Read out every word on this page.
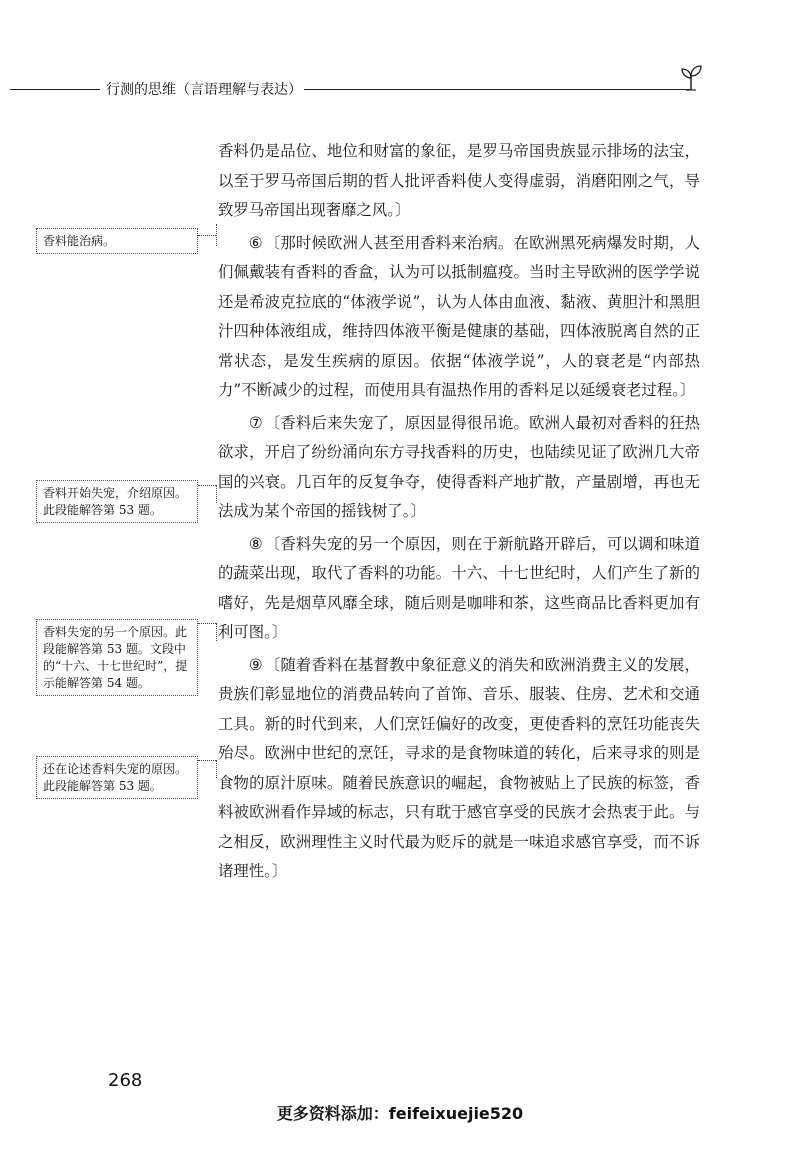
行测的思维（言语理解与表达）

香料仍是品位、地位和财富的象征，是罗马帝国贵族显示排场的法宝，以至于罗马帝国后期的哲人批评香料使人变得虚弱，消磨阳刚之气，导致罗马帝国出现奢靡之风。〕

⑥ 〔那时候欧洲人甚至用香料来治病。在欧洲黑死病爆发时期，人们佩戴装有香料的香盒，认为可以抵制瘟疫。当时主导欧洲的医学学说还是希波克拉底的“体液学说”，认为人体由血液、黏液、黄胆汁和黑胆汁四种体液组成，维持四体液平衡是健康的基础，四体液脱离自然的正常状态，是发生疾病的原因。依据“体液学说”，人的衰老是“内部热力”不断减少的过程，而使用具有温热作用的香料足以延缓衰老过程。〕

⑦ 〔香料后来失宠了，原因显得很吊诡。欧洲人最初对香料的狂热欲求，开启了纷纷涌向东方寻找香料的历史，也陆续见证了欧洲几大帝国的兴衰。几百年的反复争夺，使得香料产地扩散，产量剧增，再也无法成为某个帝国的摇钱树了。〕

⑧ 〔香料失宠的另一个原因，则在于新航路开辟后，可以调和味道的蔬菜出现，取代了香料的功能。十六、十七世纪时，人们产生了新的嗜好，先是烟草风靡全球，随后则是咖啡和茶，这些商品比香料更加有利可图。〕

⑨ 〔随着香料在基督教中象征意义的消失和欧洲消费主义的发展，贵族们彰显地位的消费品转向了首饰、音乐、服装、住房、艺术和交通工具。新的时代到来，人们烹饪偏好的改变，更使香料的烹饪功能丧失殆尽。欧洲中世纪的烹饪，寻求的是食物味道的转化，后来寻求的则是食物的原汁原味。随着民族意识的崛起，食物被贴上了民族的标签，香料被欧洲看作异域的标志，只有耽于感官享受的民族才会热衷于此。与之相反，欧洲理性主义时代最为贬斥的就是一味追求感官享受，而不诉诸理性。〕

香料能治病。
香料开始失宠，介绍原因。此段能解答第 53 题。
香料失宠的另一个原因。此段能解答第 53 题。文段中的“十六、十七世纪时”，提示能解答第 54 题。
还在论述香料失宠的原因。此段能解答第 53 题。
268
更多资料添加：feifeixuejie520
